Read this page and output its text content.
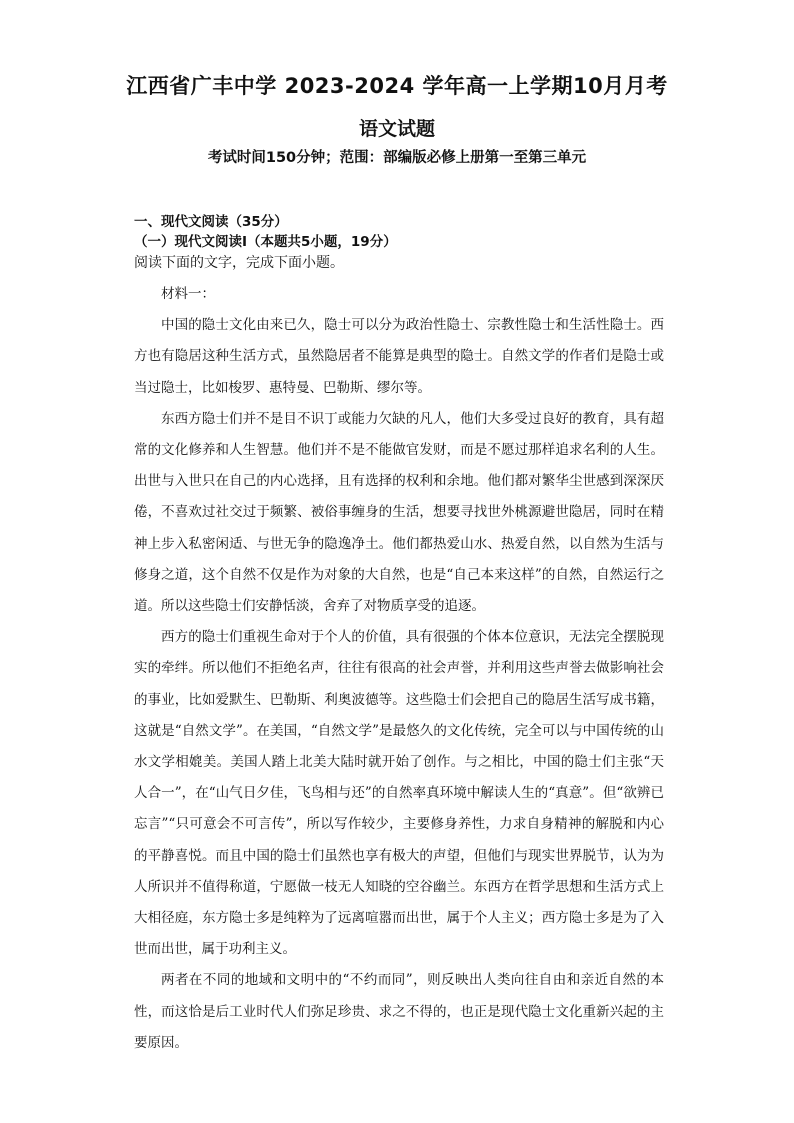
江西省广丰中学 2023-2024 学年高一上学期10月月考
语文试题
考试时间150分钟；范围：部编版必修上册第一至第三单元
一、现代文阅读（35分）
（一）现代文阅读Ⅰ（本题共5小题，19分）
阅读下面的文字，完成下面小题。

材料一：

中国的隐士文化由来已久，隐士可以分为政治性隐士、宗教性隐士和生活性隐士。西方也有隐居这种生活方式，虽然隐居者不能算是典型的隐士。自然文学的作者们是隐士或当过隐士，比如梭罗、惠特曼、巴勒斯、缪尔等。

东西方隐士们并不是目不识丁或能力欠缺的凡人，他们大多受过良好的教育，具有超常的文化修养和人生智慧。他们并不是不能做官发财，而是不愿过那样追求名利的人生。出世与入世只在自己的内心选择，且有选择的权利和余地。他们都对繁华尘世感到深深厌倦，不喜欢过社交过于频繁、被俗事缠身的生活，想要寻找世外桃源避世隐居，同时在精神上步入私密闲适、与世无争的隐逸净土。他们都热爱山水、热爱自然，以自然为生活与修身之道，这个自然不仅是作为对象的大自然，也是“自己本来这样”的自然，自然运行之道。所以这些隐士们安静恬淡，舍弃了对物质享受的追逐。

西方的隐士们重视生命对于个人的价值，具有很强的个体本位意识，无法完全摆脱现实的牵绊。所以他们不拒绝名声，往往有很高的社会声誉，并利用这些声誉去做影响社会的事业，比如爱默生、巴勒斯、利奥波德等。这些隐士们会把自己的隐居生活写成书籍，这就是“自然文学”。在美国，“自然文学”是最悠久的文化传统，完全可以与中国传统的山水文学相媲美。美国人踏上北美大陆时就开始了创作。与之相比，中国的隐士们主张“天人合一”，在“山气日夕佳，飞鸟相与还”的自然率真环境中解读人生的“真意”。但“欲辨已忘言”“只可意会不可言传”，所以写作较少，主要修身养性，力求自身精神的解脱和内心的平静喜悦。而且中国的隐士们虽然也享有极大的声望，但他们与现实世界脱节，认为为人所识并不值得称道，宁愿做一枝无人知晓的空谷幽兰。东西方在哲学思想和生活方式上大相径庭，东方隐士多是纯粹为了远离喧嚣而出世，属于个人主义；西方隐士多是为了入世而出世，属于功利主义。

两者在不同的地域和文明中的“不约而同”，则反映出人类向往自由和亲近自然的本性，而这恰是后工业时代人们弥足珍贵、求之不得的，也正是现代隐士文化重新兴起的主要原因。
